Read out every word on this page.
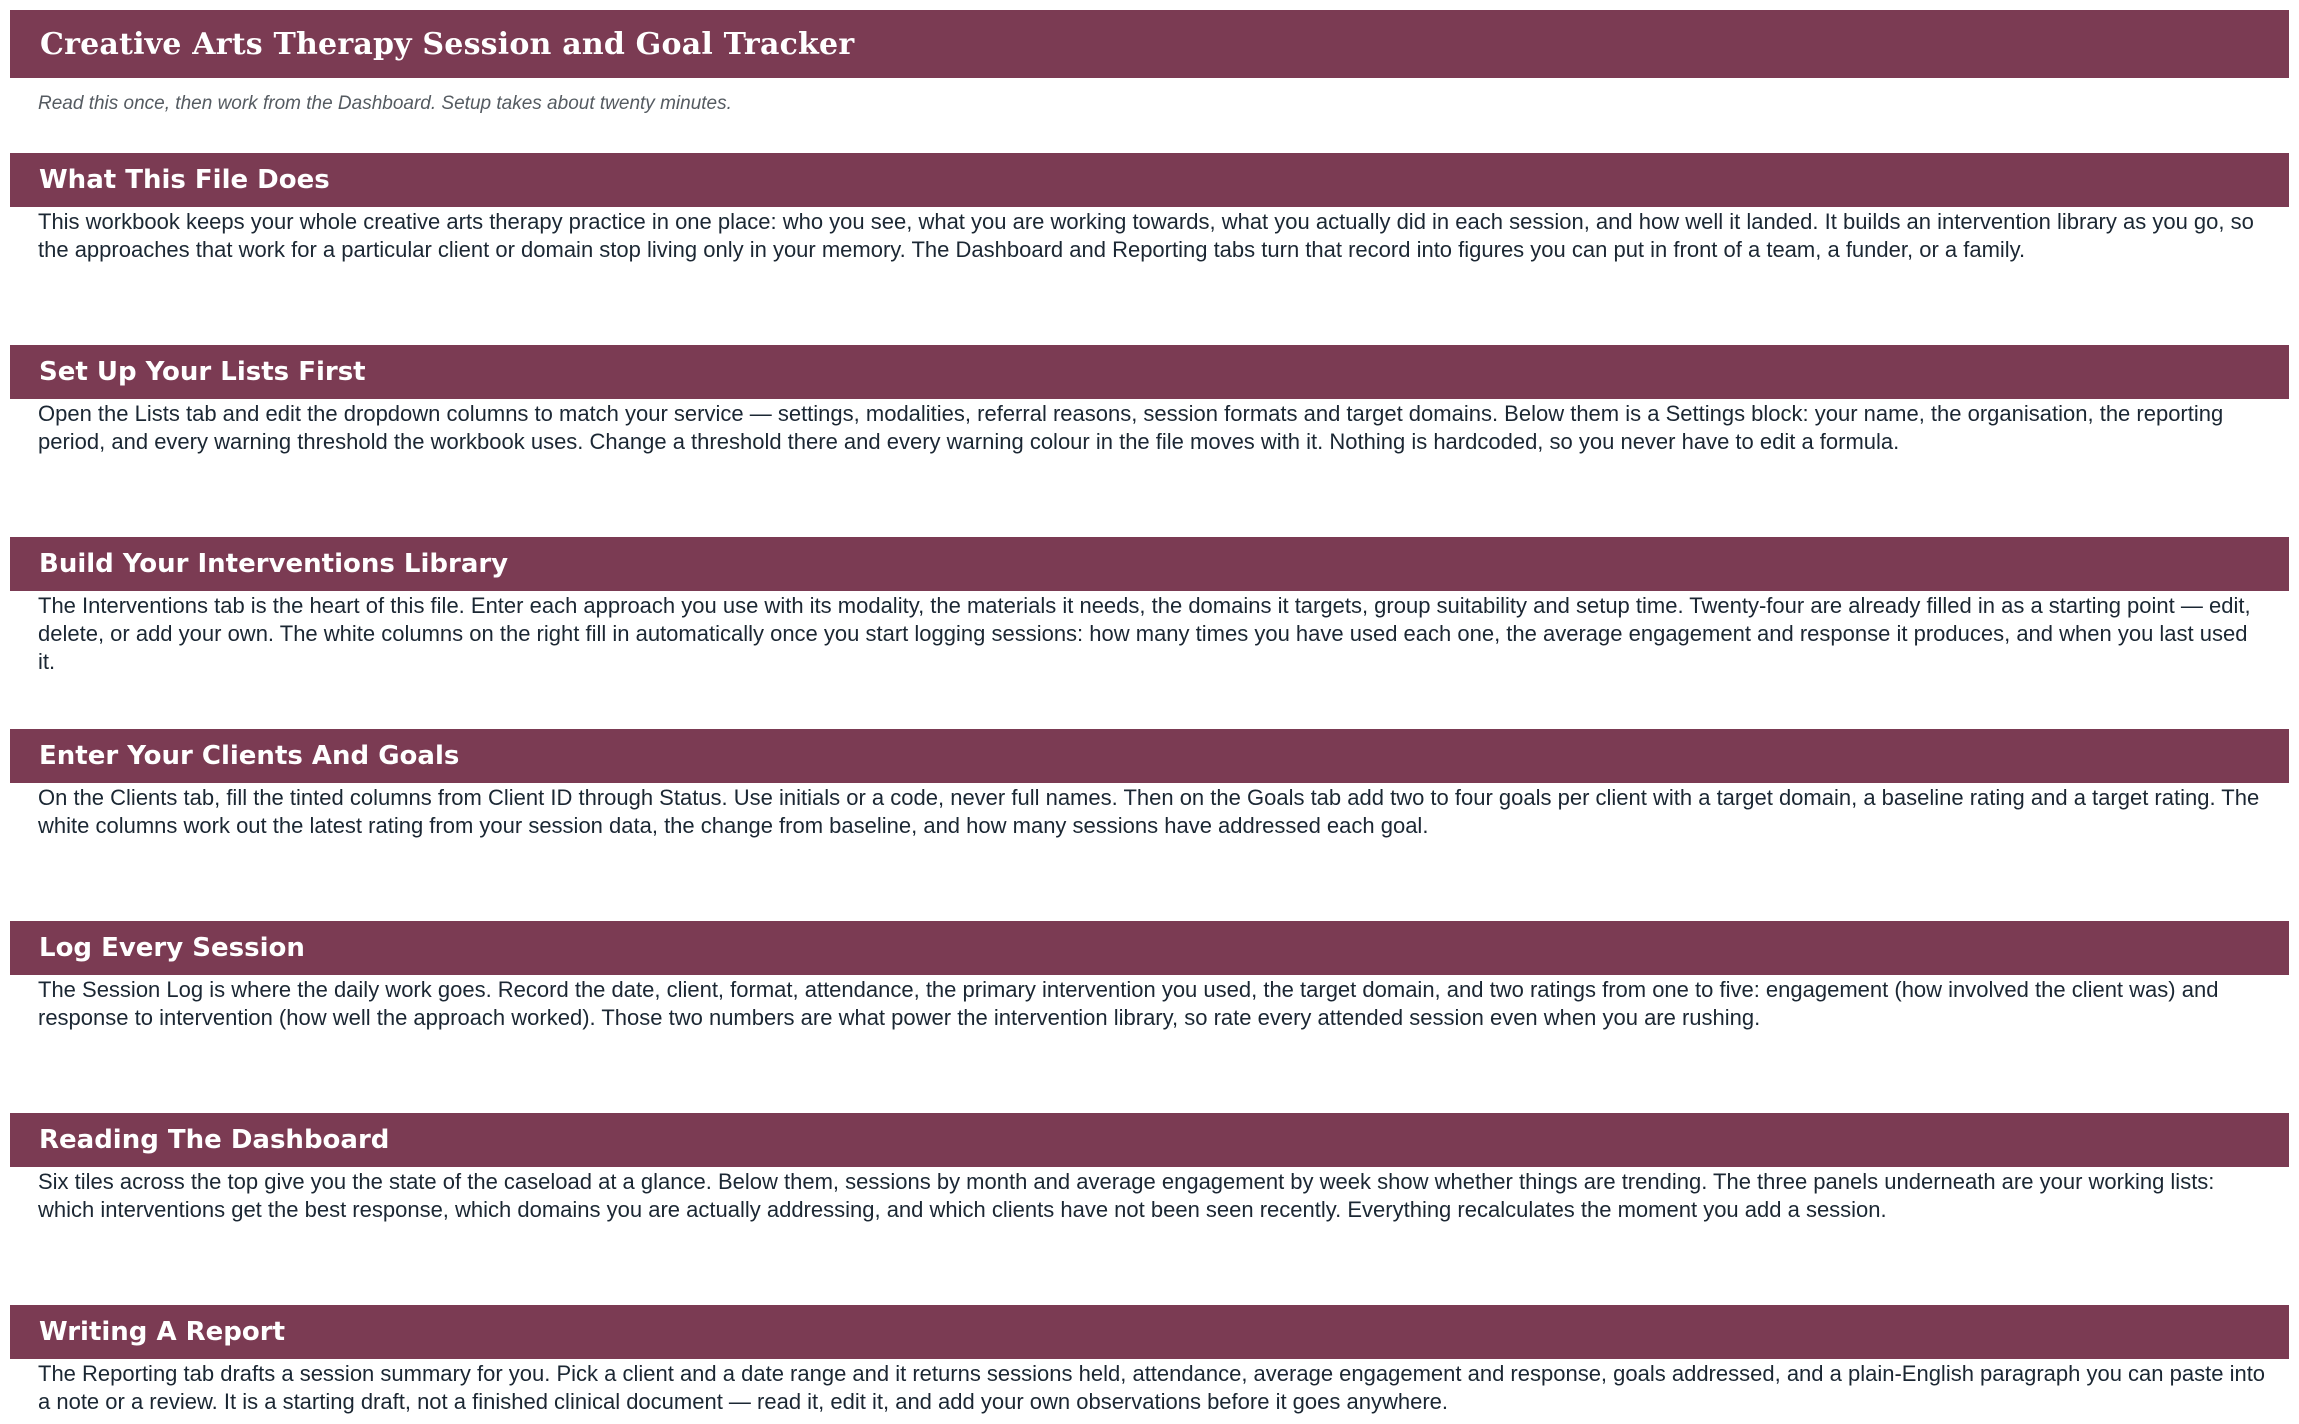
Creative Arts Therapy Session and Goal Tracker
Read this once, then work from the Dashboard. Setup takes about twenty minutes.
What This File Does
This workbook keeps your whole creative arts therapy practice in one place: who you see, what you are working towards, what you actually did in each session, and how well it landed. It builds an intervention library as you go, so the approaches that work for a particular client or domain stop living only in your memory. The Dashboard and Reporting tabs turn that record into figures you can put in front of a team, a funder, or a family.
Set Up Your Lists First
Open the Lists tab and edit the dropdown columns to match your service — settings, modalities, referral reasons, session formats and target domains. Below them is a Settings block: your name, the organisation, the reporting period, and every warning threshold the workbook uses. Change a threshold there and every warning colour in the file moves with it. Nothing is hardcoded, so you never have to edit a formula.
Build Your Interventions Library
The Interventions tab is the heart of this file. Enter each approach you use with its modality, the materials it needs, the domains it targets, group suitability and setup time. Twenty-four are already filled in as a starting point — edit, delete, or add your own. The white columns on the right fill in automatically once you start logging sessions: how many times you have used each one, the average engagement and response it produces, and when you last used it.
Enter Your Clients And Goals
On the Clients tab, fill the tinted columns from Client ID through Status. Use initials or a code, never full names. Then on the Goals tab add two to four goals per client with a target domain, a baseline rating and a target rating. The white columns work out the latest rating from your session data, the change from baseline, and how many sessions have addressed each goal.
Log Every Session
The Session Log is where the daily work goes. Record the date, client, format, attendance, the primary intervention you used, the target domain, and two ratings from one to five: engagement (how involved the client was) and response to intervention (how well the approach worked). Those two numbers are what power the intervention library, so rate every attended session even when you are rushing.
Reading The Dashboard
Six tiles across the top give you the state of the caseload at a glance. Below them, sessions by month and average engagement by week show whether things are trending. The three panels underneath are your working lists: which interventions get the best response, which domains you are actually addressing, and which clients have not been seen recently. Everything recalculates the moment you add a session.
Writing A Report
The Reporting tab drafts a session summary for you. Pick a client and a date range and it returns sessions held, attendance, average engagement and response, goals addressed, and a plain-English paragraph you can paste into a note or a review. It is a starting draft, not a finished clinical document — read it, edit it, and add your own observations before it goes anywhere.
